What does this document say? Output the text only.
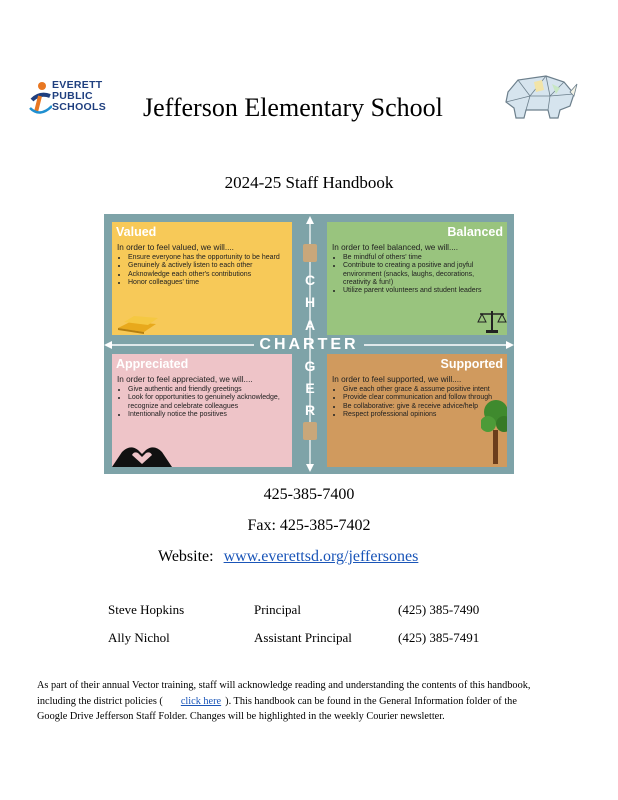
EVERETT
PUBLIC
SCHOOLS Jefferson Elementary School
2024-25 Staff Handbook
Valued
In order to feel valued, we will....
• Ensure everyone has the opportunity to be heard
• Genuinely & actively listen to each other
• Acknowledge each other's contributions
• Honor colleagues' time
Balanced
In order to feel balanced, we will....
• Be mindful of others' time
• Contribute to creating a positive and joyful environment (snacks, laughs, decorations, creativity & fun!)
• Utilize parent volunteers and student leaders
Appreciated
In order to feel appreciated, we will....
• Give authentic and friendly greetings
• Look for opportunities to genuinely acknowledge, recognize and celebrate colleagues
• Intentionally notice the positives
Supported
In order to feel supported, we will....
• Give each other grace & assume positive intent
• Provide clear communication and follow through
• Be collaborative: give & receive advice/help
• Respect professional opinions
CHARTER
C
H
A
G
E
R
425-385-7400
Fax: 425-385-7402
Website: www.everettsd.org/jeffersones
Steve Hopkins	Principal	(425) 385-7490
Ally Nichol	Assistant Principal	(425) 385-7491
As part of their annual Vector training, staff will acknowledge reading and understanding the contents of this handbook, including the district policies ( click here ). This handbook can be found in the General Information folder of the Google Drive Jefferson Staff Folder. Changes will be highlighted in the weekly Courier newsletter.
